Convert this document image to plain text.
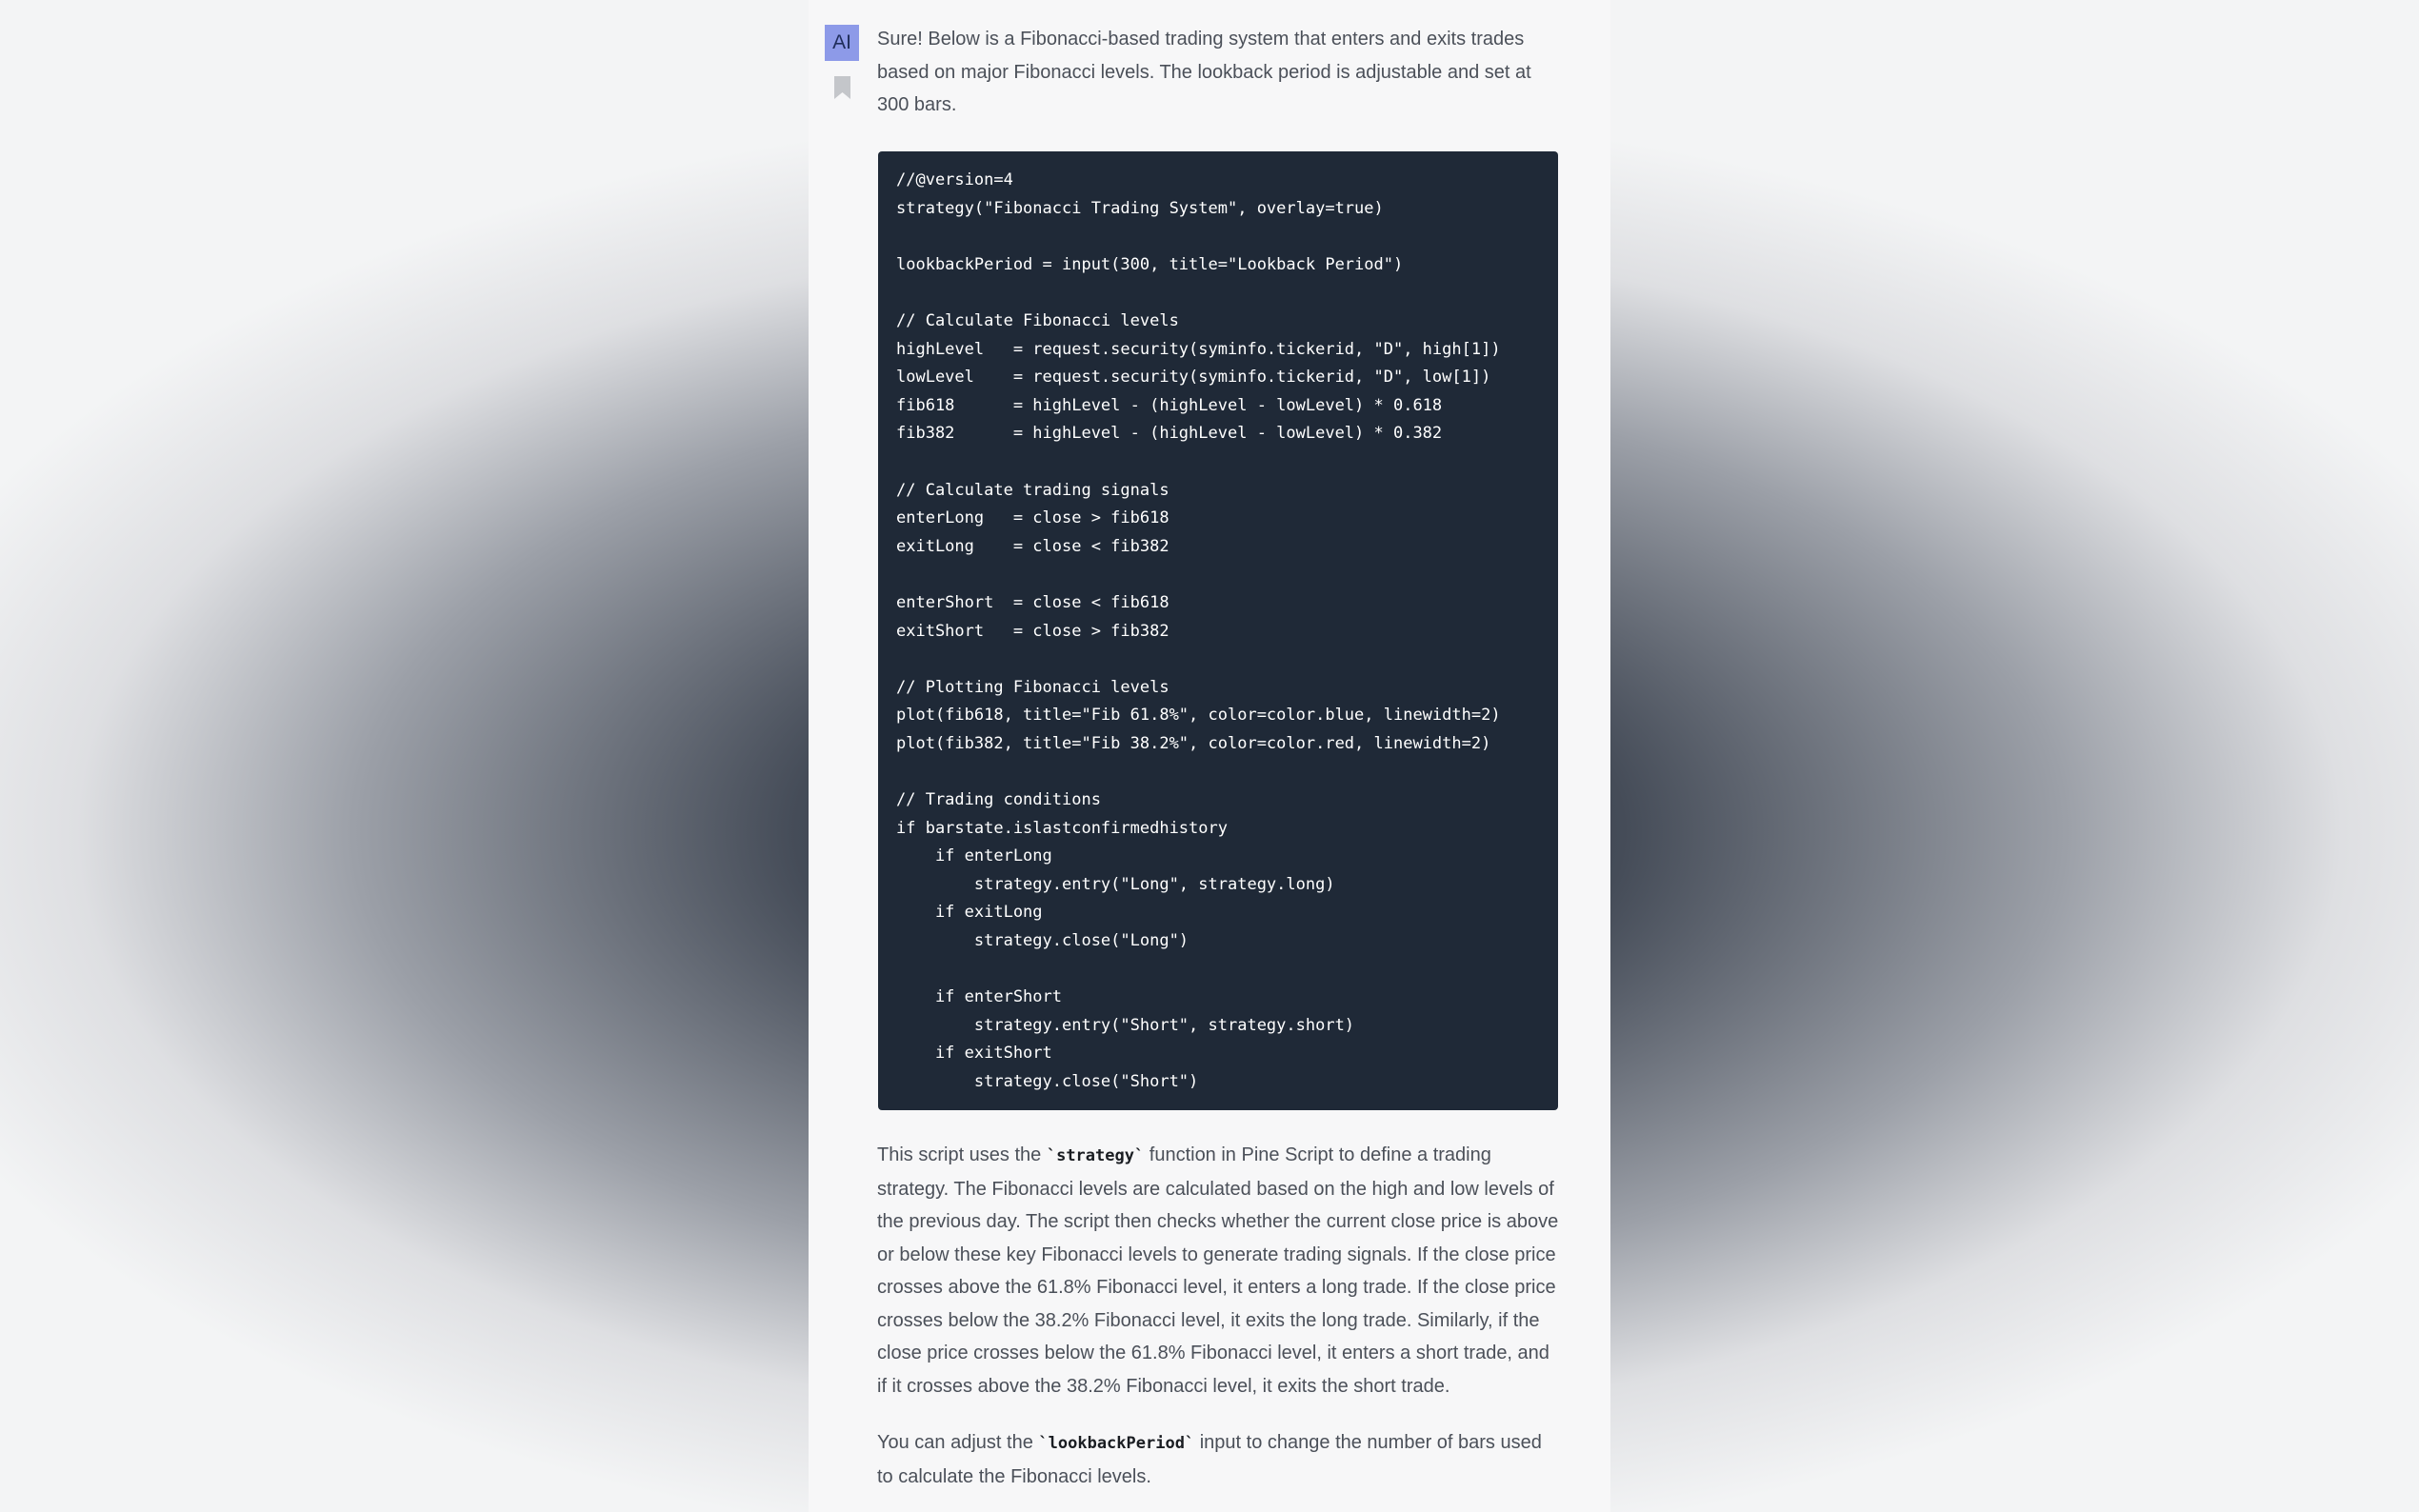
AI	Sure! Below is a Fibonacci-based trading system that enters and exits trades based on major Fibonacci levels. The lookback period is adjustable and set at 300 bars.
//@version=4
strategy("Fibonacci Trading System", overlay=true)

lookbackPeriod = input(300, title="Lookback Period")

// Calculate Fibonacci levels
highLevel   = request.security(syminfo.tickerid, "D", high[1])
lowLevel    = request.security(syminfo.tickerid, "D", low[1])
fib618      = highLevel - (highLevel - lowLevel) * 0.618
fib382      = highLevel - (highLevel - lowLevel) * 0.382

// Calculate trading signals
enterLong   = close > fib618
exitLong    = close < fib382

enterShort  = close < fib618
exitShort   = close > fib382

// Plotting Fibonacci levels
plot(fib618, title="Fib 61.8%", color=color.blue, linewidth=2)
plot(fib382, title="Fib 38.2%", color=color.red, linewidth=2)

// Trading conditions
if barstate.islastconfirmedhistory
if enterLong
strategy.entry("Long", strategy.long)
if exitLong
strategy.close("Long")

if enterShort
strategy.entry("Short", strategy.short)
if exitShort
strategy.close("Short")
This script uses the `strategy` function in Pine Script to define a trading strategy. The Fibonacci levels are calculated based on the high and low levels of the previous day. The script then checks whether the current close price is above or below these key Fibonacci levels to generate trading signals. If the close price crosses above the 61.8% Fibonacci level, it enters a long trade. If the close price crosses below the 38.2% Fibonacci level, it exits the long trade. Similarly, if the close price crosses below the 61.8% Fibonacci level, it enters a short trade, and if it crosses above the 38.2% Fibonacci level, it exits the short trade.
You can adjust the `lookbackPeriod` input to change the number of bars used to calculate the Fibonacci levels.
